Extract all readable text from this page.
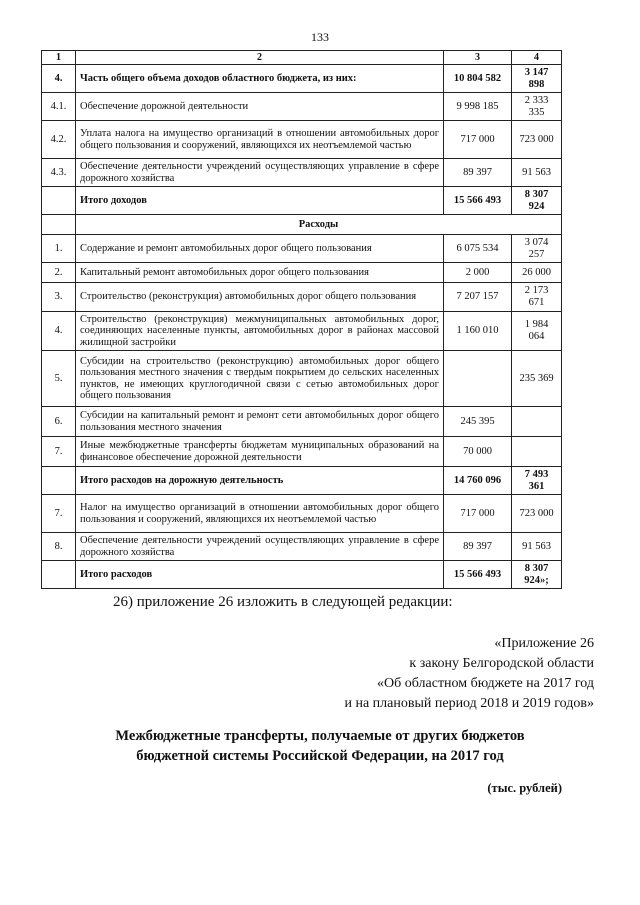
133
1	2	3	4
4.	Часть общего объема доходов областного бюджета, из них:	10 804 582	3 147 898
4.1.	Обеспечение дорожной деятельности	9 998 185	2 333 335
4.2.	Уплата налога на имущество организаций в отношении автомобильных дорог общего пользования и сооружений, являющихся их неотъемлемой частью	717 000	723 000
4.3.	Обеспечение деятельности учреждений осуществляющих управление в сфере дорожного хозяйства	89 397	91 563
	Итого доходов	15 566 493	8 307 924
	Расходы		
1.	Содержание и ремонт автомобильных дорог общего пользования	6 075 534	3 074 257
2.	Капитальный ремонт автомобильных дорог общего пользования	2 000	26 000
3.	Строительство (реконструкция) автомобильных дорог общего пользования	7 207 157	2 173 671
4.	Строительство (реконструкция) межмуниципальных автомобильных дорог, соединяющих населенные пункты, автомобильных дорог в районах массовой жилищной застройки	1 160 010	1 984 064
5.	Субсидии на строительство (реконструкцию) автомобильных дорог общего пользования местного значения с твердым покрытием до сельских населенных пунктов, не имеющих круглогодичной связи с сетью автомобильных дорог общего пользования		235 369
6.	Субсидии на капитальный ремонт и ремонт сети автомобильных дорог общего пользования местного значения	245 395	
7.	Иные межбюджетные трансферты бюджетам муниципальных образований на финансовое обеспечение дорожной деятельности	70 000	
	Итого расходов на дорожную деятельность	14 760 096	7 493 361
7.	Налог на имущество организаций в отношении автомобильных дорог общего пользования и сооружений, являющихся их неотъемлемой частью	717 000	723 000
8.	Обеспечение деятельности учреждений осуществляющих управление в сфере дорожного хозяйства	89 397	91 563
	Итого расходов	15 566 493	8 307 924»;
26) приложение 26 изложить в следующей редакции:
«Приложение 26
к закону Белгородской области
«Об областном бюджете на 2017 год
и на плановый период 2018 и 2019 годов»
Межбюджетные трансферты, получаемые от других бюджетов
бюджетной системы Российской Федерации, на 2017 год
(тыс. рублей)
